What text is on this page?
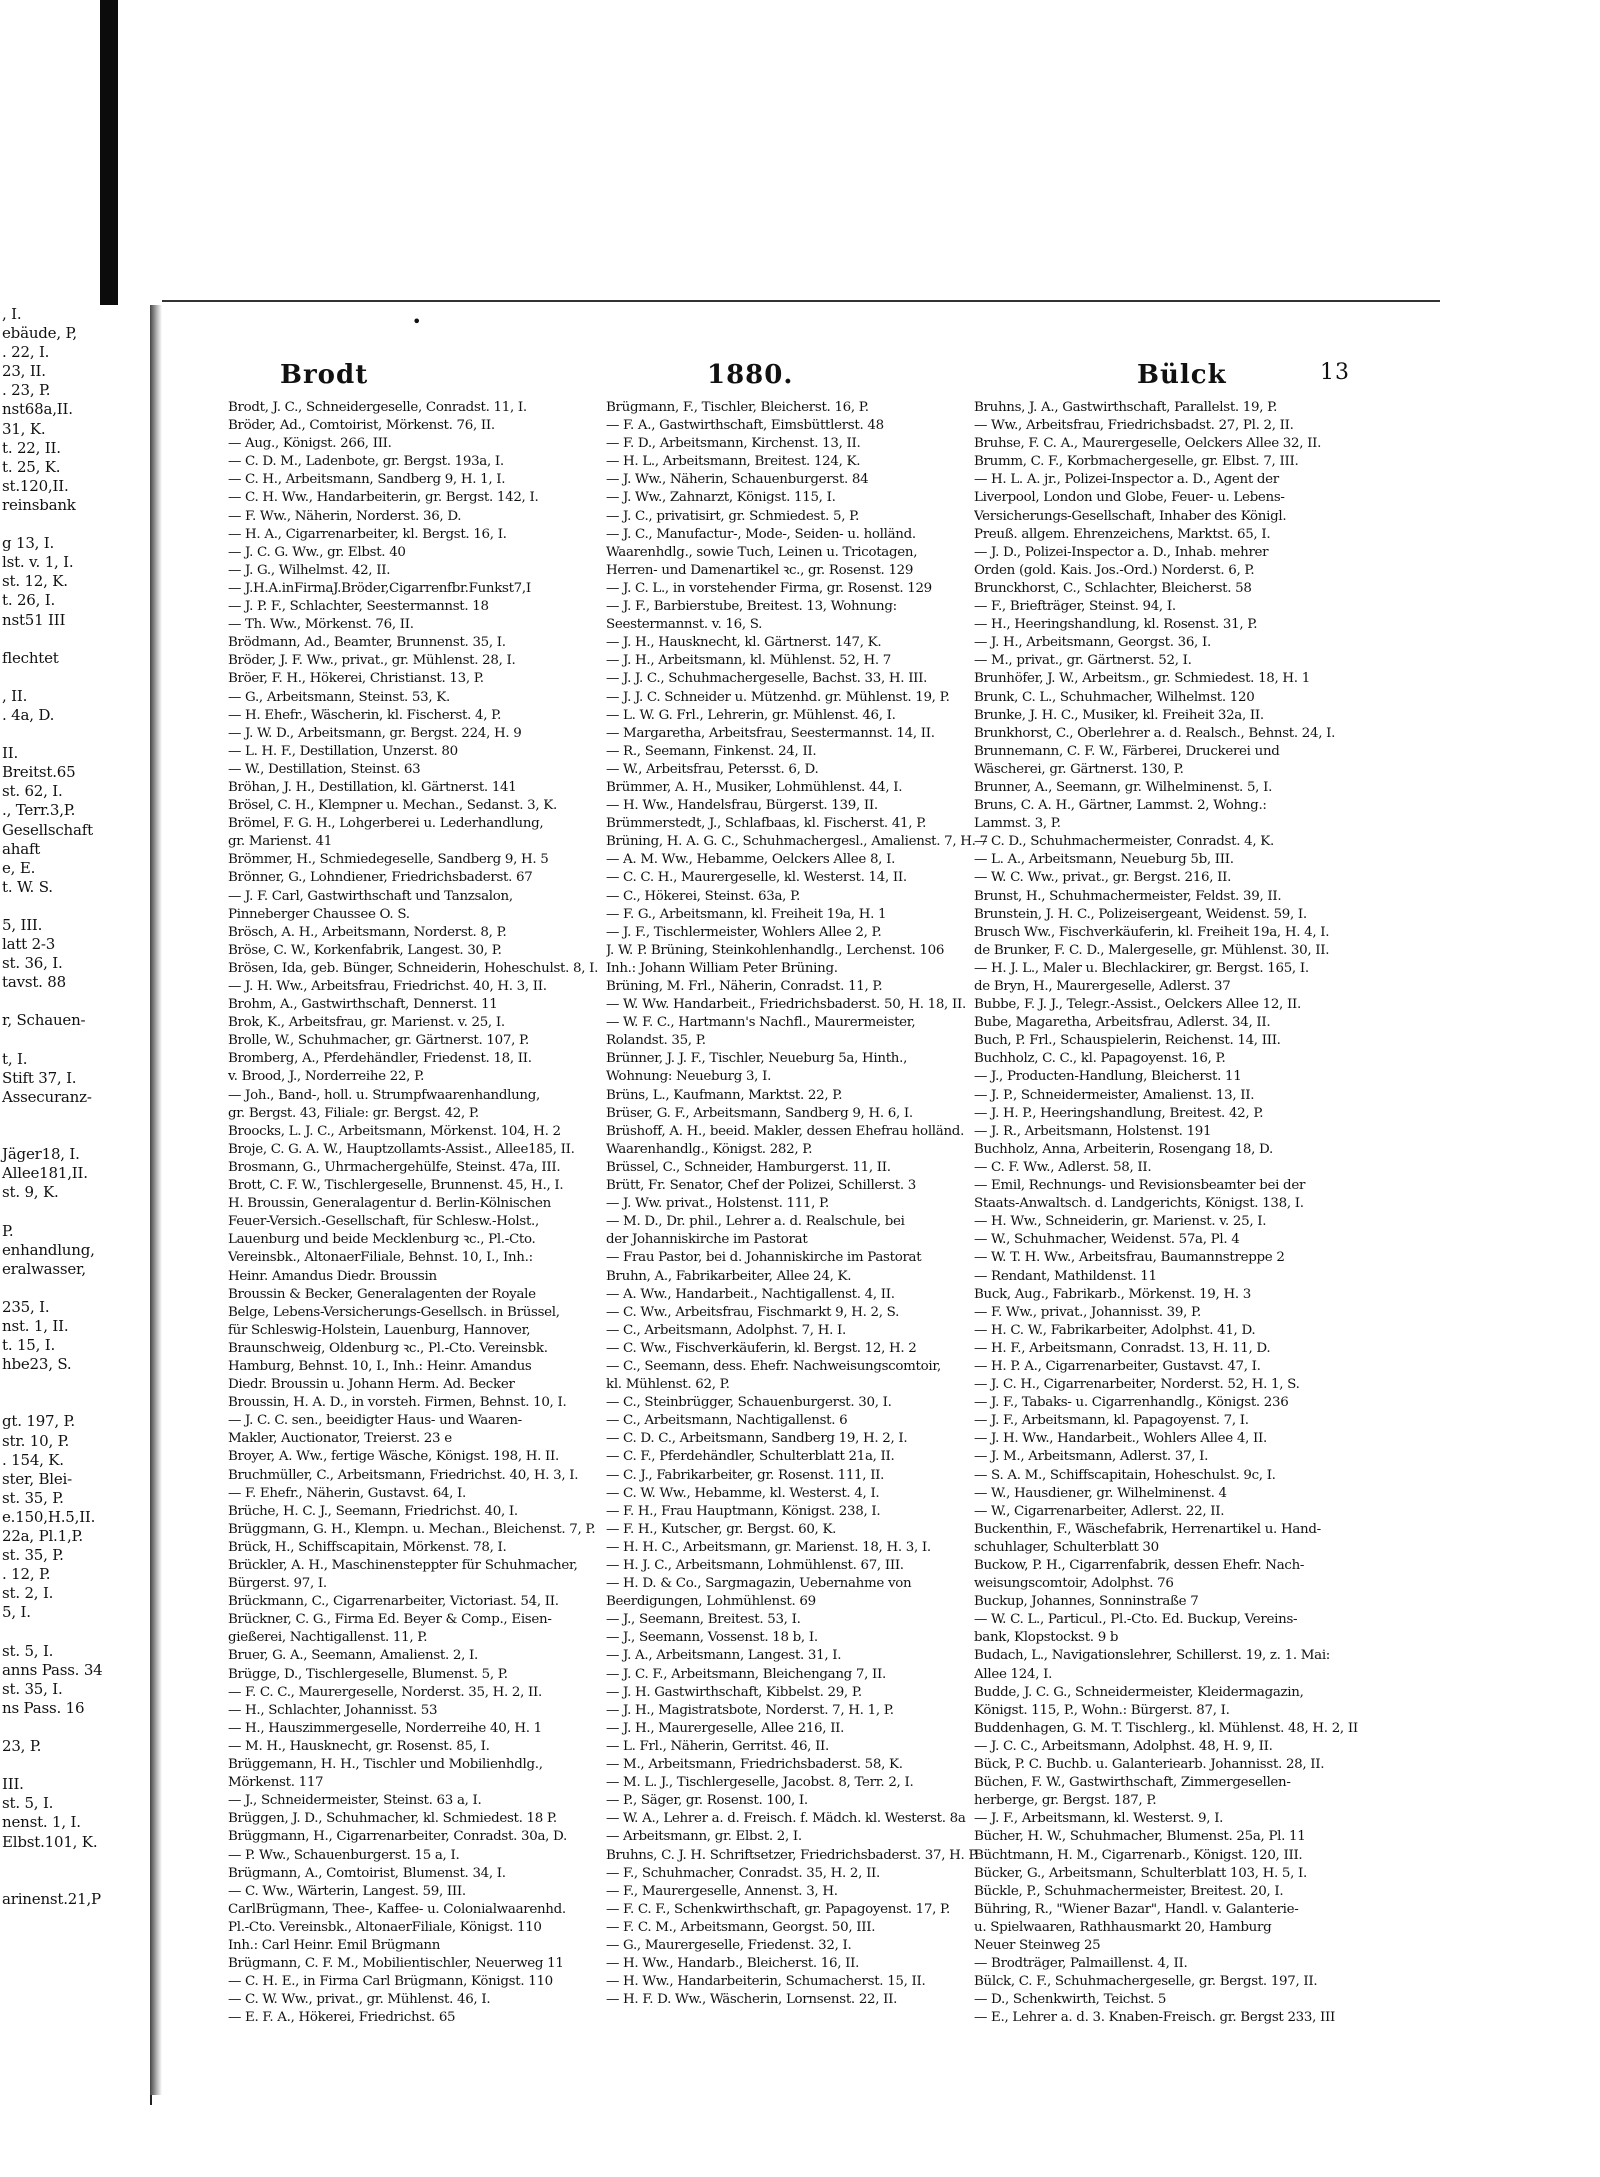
, I.
ebäude, P,
. 22, I.
23, II.
. 23, P.
nst68a,II.
31, K.
t. 22, II.
t. 25, K.
st.120,II.
reinsbank

g 13, I.
lst. v. 1, I.
st. 12, K.
t. 26, I.
nst51 III

flechtet

, II.
. 4a, D.

II.
Breitst.65
st. 62, I.
., Terr.3,P.
Gesellschaft
ahaft
e, E.
t. W. S.

5, III.
latt 2-3
st. 36, I.
tavst. 88

r, Schauen-

t, I.
Stift 37, I.
Assecuranz-

Jäger18, I.
Allee181,II.
st. 9, K.

P.
enhandlung,
eralwasser,

235, I.
nst. 1, II.
t. 15, I.
hbe23, S.

gt. 197, P.
str. 10, P.
. 154, K.
ster, Blei-
st. 35, P.
e.150,H.5,II.
22a, Pl.1,P.
st. 35, P.
. 12, P.
st. 2, I.
5, I.

st. 5, I.
anns Pass. 34
st. 35, I.
ns Pass. 16

23, P.

III.
st. 5, I.
nenst. 1, I.
Elbst.101, K.

arinenst.21,P
•
Brodt	1880.	Bülck	13
Brodt, J. C., Schneidergeselle, Conradst. 11, I.
Bröder, Ad., Comtoirist, Mörkenst. 76, II.
— Aug., Königst. 266, III.
— C. D. M., Ladenbote, gr. Bergst. 193a, I.
— C. H., Arbeitsmann, Sandberg 9, H. 1, I.
— C. H. Ww., Handarbeiterin, gr. Bergst. 142, I.
— F. Ww., Näherin, Norderst. 36, D.
— H. A., Cigarrenarbeiter, kl. Bergst. 16, I.
— J. C. G. Ww., gr. Elbst. 40
— J. G., Wilhelmst. 42, II.
— J.H.A.inFirmaJ.Bröder,Cigarrenfbr.Funkst7,I
— J. P. F., Schlachter, Seestermannst. 18
— Th. Ww., Mörkenst. 76, II.
Brödmann, Ad., Beamter, Brunnenst. 35, I.
Bröder, J. F. Ww., privat., gr. Mühlenst. 28, I.
Bröer, F. H., Hökerei, Christianst. 13, P.
— G., Arbeitsmann, Steinst. 53, K.
— H. Ehefr., Wäscherin, kl. Fischerst. 4, P.
— J. W. D., Arbeitsmann, gr. Bergst. 224, H. 9
— L. H. F., Destillation, Unzerst. 80
— W., Destillation, Steinst. 63
Bröhan, J. H., Destillation, kl. Gärtnerst. 141
Brösel, C. H., Klempner u. Mechan., Sedanst. 3, K.
Brömel, F. G. H., Lohgerberei u. Lederhandlung,
gr. Marienst. 41
Brömmer, H., Schmiedegeselle, Sandberg 9, H. 5
Brönner, G., Lohndiener, Friedrichsbaderst. 67
— J. F. Carl, Gastwirthschaft und Tanzsalon,
Pinneberger Chaussee O. S.
Brösch, A. H., Arbeitsmann, Norderst. 8, P.
Bröse, C. W., Korkenfabrik, Langest. 30, P.
Brösen, Ida, geb. Bünger, Schneiderin, Hoheschulst. 8, I.
— J. H. Ww., Arbeitsfrau, Friedrichst. 40, H. 3, II.
Brohm, A., Gastwirthschaft, Dennerst. 11
Brok, K., Arbeitsfrau, gr. Marienst. v. 25, I.
Brolle, W., Schuhmacher, gr. Gärtnerst. 107, P.
Bromberg, A., Pferdehändler, Friedenst. 18, II.
v. Brood, J., Norderreihe 22, P.
— Joh., Band-, holl. u. Strumpfwaarenhandlung,
gr. Bergst. 43, Filiale: gr. Bergst. 42, P.
Broocks, L. J. C., Arbeitsmann, Mörkenst. 104, H. 2
Broje, C. G. A. W., Hauptzollamts-Assist., Allee185, II.
Brosmann, G., Uhrmachergehülfe, Steinst. 47a, III.
Brott, C. F. W., Tischlergeselle, Brunnenst. 45, H., I.
H. Broussin, Generalagentur d. Berlin-Kölnischen
Feuer-Versich.-Gesellschaft, für Schlesw.-Holst.,
Lauenburg und beide Mecklenburg ꝛc., Pl.-Cto.
Vereinsbk., AltonaerFiliale, Behnst. 10, I., Inh.:
Heinr. Amandus Diedr. Broussin
Broussin & Becker, Generalagenten der Royale
Belge, Lebens-Versicherungs-Gesellsch. in Brüssel,
für Schleswig-Holstein, Lauenburg, Hannover,
Braunschweig, Oldenburg ꝛc., Pl.-Cto. Vereinsbk.
Hamburg, Behnst. 10, I., Inh.: Heinr. Amandus
Diedr. Broussin u. Johann Herm. Ad. Becker
Broussin, H. A. D., in vorsteh. Firmen, Behnst. 10, I.
— J. C. C. sen., beeidigter Haus- und Waaren-
Makler, Auctionator, Treierst. 23 e
Broyer, A. Ww., fertige Wäsche, Königst. 198, H. II.
Bruchmüller, C., Arbeitsmann, Friedrichst. 40, H. 3, I.
— F. Ehefr., Näherin, Gustavst. 64, I.
Brüche, H. C. J., Seemann, Friedrichst. 40, I.
Brüggmann, G. H., Klempn. u. Mechan., Bleichenst. 7, P.
Brück, H., Schiffscapitain, Mörkenst. 78, I.
Brückler, A. H., Maschinensteppter für Schuhmacher,
Bürgerst. 97, I.
Brückmann, C., Cigarrenarbeiter, Victoriast. 54, II.
Brückner, C. G., Firma Ed. Beyer & Comp., Eisen-
gießerei, Nachtigallenst. 11, P.
Bruer, G. A., Seemann, Amalienst. 2, I.
Brügge, D., Tischlergeselle, Blumenst. 5, P.
— F. C. C., Maurergeselle, Norderst. 35, H. 2, II.
— H., Schlachter, Johannisst. 53
— H., Hauszimmergeselle, Norderreihe 40, H. 1
— M. H., Hausknecht, gr. Rosenst. 85, I.
Brüggemann, H. H., Tischler und Mobilienhdlg.,
Mörkenst. 117
— J., Schneidermeister, Steinst. 63 a, I.
Brüggen, J. D., Schuhmacher, kl. Schmiedest. 18 P.
Brüggmann, H., Cigarrenarbeiter, Conradst. 30a, D.
— P. Ww., Schauenburgerst. 15 a, I.
Brügmann, A., Comtoirist, Blumenst. 34, I.
— C. Ww., Wärterin, Langest. 59, III.
CarlBrügmann, Thee-, Kaffee- u. Colonialwaarenhd.
Pl.-Cto. Vereinsbk., AltonaerFiliale, Königst. 110
Inh.: Carl Heinr. Emil Brügmann
Brügmann, C. F. M., Mobilientischler, Neuerweg 11
— C. H. E., in Firma Carl Brügmann, Königst. 110
— C. W. Ww., privat., gr. Mühlenst. 46, I.
— E. F. A., Hökerei, Friedrichst. 65
Brügmann, F., Tischler, Bleicherst. 16, P.
— F. A., Gastwirthschaft, Eimsbüttlerst. 48
— F. D., Arbeitsmann, Kirchenst. 13, II.
— H. L., Arbeitsmann, Breitest. 124, K.
— J. Ww., Näherin, Schauenburgerst. 84
— J. Ww., Zahnarzt, Königst. 115, I.
— J. C., privatisirt, gr. Schmiedest. 5, P.
— J. C., Manufactur-, Mode-, Seiden- u. holländ.
Waarenhdlg., sowie Tuch, Leinen u. Tricotagen,
Herren- und Damenartikel ꝛc., gr. Rosenst. 129
— J. C. L., in vorstehender Firma, gr. Rosenst. 129
— J. F., Barbierstube, Breitest. 13, Wohnung:
Seestermannst. v. 16, S.
— J. H., Hausknecht, kl. Gärtnerst. 147, K.
— J. H., Arbeitsmann, kl. Mühlenst. 52, H. 7
— J. J. C., Schuhmachergeselle, Bachst. 33, H. III.
— J. J. C. Schneider u. Mützenhd. gr. Mühlenst. 19, P.
— L. W. G. Frl., Lehrerin, gr. Mühlenst. 46, I.
— Margaretha, Arbeitsfrau, Seestermannst. 14, II.
— R., Seemann, Finkenst. 24, II.
— W., Arbeitsfrau, Petersst. 6, D.
Brümmer, A. H., Musiker, Lohmühlenst. 44, I.
— H. Ww., Handelsfrau, Bürgerst. 139, II.
Brümmerstedt, J., Schlafbaas, kl. Fischerst. 41, P.
Brüning, H. A. G. C., Schuhmachergesl., Amalienst. 7, H. 7
— A. M. Ww., Hebamme, Oelckers Allee 8, I.
— C. C. H., Maurergeselle, kl. Westerst. 14, II.
— C., Hökerei, Steinst. 63a, P.
— F. G., Arbeitsmann, kl. Freiheit 19a, H. 1
— J. F., Tischlermeister, Wohlers Allee 2, P.
J. W. P. Brüning, Steinkohlenhandlg., Lerchenst. 106
Inh.: Johann William Peter Brüning.
Brüning, M. Frl., Näherin, Conradst. 11, P.
— W. Ww. Handarbeit., Friedrichsbaderst. 50, H. 18, II.
— W. F. C., Hartmann's Nachfl., Maurermeister,
Rolandst. 35, P.
Brünner, J. J. F., Tischler, Neueburg 5a, Hinth.,
Wohnung: Neueburg 3, I.
Brüns, L., Kaufmann, Marktst. 22, P.
Brüser, G. F., Arbeitsmann, Sandberg 9, H. 6, I.
Brüshoff, A. H., beeid. Makler, dessen Ehefrau holländ.
Waarenhandlg., Königst. 282, P.
Brüssel, C., Schneider, Hamburgerst. 11, II.
Brütt, Fr. Senator, Chef der Polizei, Schillerst. 3
— J. Ww. privat., Holstenst. 111, P.
— M. D., Dr. phil., Lehrer a. d. Realschule, bei
der Johanniskirche im Pastorat
— Frau Pastor, bei d. Johanniskirche im Pastorat
Bruhn, A., Fabrikarbeiter, Allee 24, K.
— A. Ww., Handarbeit., Nachtigallenst. 4, II.
— C. Ww., Arbeitsfrau, Fischmarkt 9, H. 2, S.
— C., Arbeitsmann, Adolphst. 7, H. I.
— C. Ww., Fischverkäuferin, kl. Bergst. 12, H. 2
— C., Seemann, dess. Ehefr. Nachweisungscomtoir,
kl. Mühlenst. 62, P.
— C., Steinbrügger, Schauenburgerst. 30, I.
— C., Arbeitsmann, Nachtigallenst. 6
— C. D. C., Arbeitsmann, Sandberg 19, H. 2, I.
— C. F., Pferdehändler, Schulterblatt 21a, II.
— C. J., Fabrikarbeiter, gr. Rosenst. 111, II.
— C. W. Ww., Hebamme, kl. Westerst. 4, I.
— F. H., Frau Hauptmann, Königst. 238, I.
— F. H., Kutscher, gr. Bergst. 60, K.
— H. H. C., Arbeitsmann, gr. Marienst. 18, H. 3, I.
— H. J. C., Arbeitsmann, Lohmühlenst. 67, III.
— H. D. & Co., Sargmagazin, Uebernahme von
Beerdigungen, Lohmühlenst. 69
— J., Seemann, Breitest. 53, I.
— J., Seemann, Vossenst. 18 b, I.
— J. A., Arbeitsmann, Langest. 31, I.
— J. C. F., Arbeitsmann, Bleichengang 7, II.
— J. H. Gastwirthschaft, Kibbelst. 29, P.
— J. H., Magistratsbote, Norderst. 7, H. 1, P.
— J. H., Maurergeselle, Allee 216, II.
— L. Frl., Näherin, Gerritst. 46, II.
— M., Arbeitsmann, Friedrichsbaderst. 58, K.
— M. L. J., Tischlergeselle, Jacobst. 8, Terr. 2, I.
— P., Säger, gr. Rosenst. 100, I.
— W. A., Lehrer a. d. Freisch. f. Mädch. kl. Westerst. 8a
— Arbeitsmann, gr. Elbst. 2, I.
Bruhns, C. J. H. Schriftsetzer, Friedrichsbaderst. 37, H. P.
— F., Schuhmacher, Conradst. 35, H. 2, II.
— F., Maurergeselle, Annenst. 3, H.
— F. C. F., Schenkwirthschaft, gr. Papagoyenst. 17, P.
— F. C. M., Arbeitsmann, Georgst. 50, III.
— G., Maurergeselle, Friedenst. 32, I.
— H. Ww., Handarb., Bleicherst. 16, II.
— H. Ww., Handarbeiterin, Schumacherst. 15, II.
— H. F. D. Ww., Wäscherin, Lornsenst. 22, II.
Bruhns, J. A., Gastwirthschaft, Parallelst. 19, P.
— Ww., Arbeitsfrau, Friedrichsbadst. 27, Pl. 2, II.
Bruhse, F. C. A., Maurergeselle, Oelckers Allee 32, II.
Brumm, C. F., Korbmachergeselle, gr. Elbst. 7, III.
— H. L. A. jr., Polizei-Inspector a. D., Agent der
Liverpool, London und Globe, Feuer- u. Lebens-
Versicherungs-Gesellschaft, Inhaber des Königl.
Preuß. allgem. Ehrenzeichens, Marktst. 65, I.
— J. D., Polizei-Inspector a. D., Inhab. mehrer
Orden (gold. Kais. Jos.-Ord.) Norderst. 6, P.
Brunckhorst, C., Schlachter, Bleicherst. 58
— F., Briefträger, Steinst. 94, I.
— H., Heeringshandlung, kl. Rosenst. 31, P.
— J. H., Arbeitsmann, Georgst. 36, I.
— M., privat., gr. Gärtnerst. 52, I.
Brunhöfer, J. W., Arbeitsm., gr. Schmiedest. 18, H. 1
Brunk, C. L., Schuhmacher, Wilhelmst. 120
Brunke, J. H. C., Musiker, kl. Freiheit 32a, II.
Brunkhorst, C., Oberlehrer a. d. Realsch., Behnst. 24, I.
Brunnemann, C. F. W., Färberei, Druckerei und
Wäscherei, gr. Gärtnerst. 130, P.
Brunner, A., Seemann, gr. Wilhelminenst. 5, I.
Bruns, C. A. H., Gärtner, Lammst. 2, Wohng.:
Lammst. 3, P.
— C. D., Schuhmachermeister, Conradst. 4, K.
— L. A., Arbeitsmann, Neueburg 5b, III.
— W. C. Ww., privat., gr. Bergst. 216, II.
Brunst, H., Schuhmachermeister, Feldst. 39, II.
Brunstein, J. H. C., Polizeisergeant, Weidenst. 59, I.
Brusch Ww., Fischverkäuferin, kl. Freiheit 19a, H. 4, I.
de Brunker, F. C. D., Malergeselle, gr. Mühlenst. 30, II.
— H. J. L., Maler u. Blechlackirer, gr. Bergst. 165, I.
de Bryn, H., Maurergeselle, Adlerst. 37
Bubbe, F. J. J., Telegr.-Assist., Oelckers Allee 12, II.
Bube, Magaretha, Arbeitsfrau, Adlerst. 34, II.
Buch, P. Frl., Schauspielerin, Reichenst. 14, III.
Buchholz, C. C., kl. Papagoyenst. 16, P.
— J., Producten-Handlung, Bleicherst. 11
— J. P., Schneidermeister, Amalienst. 13, II.
— J. H. P., Heeringshandlung, Breitest. 42, P.
— J. R., Arbeitsmann, Holstenst. 191
Buchholz, Anna, Arbeiterin, Rosengang 18, D.
— C. F. Ww., Adlerst. 58, II.
— Emil, Rechnungs- und Revisionsbeamter bei der
Staats-Anwaltsch. d. Landgerichts, Königst. 138, I.
— H. Ww., Schneiderin, gr. Marienst. v. 25, I.
— W., Schuhmacher, Weidenst. 57a, Pl. 4
— W. T. H. Ww., Arbeitsfrau, Baumannstreppe 2
— Rendant, Mathildenst. 11
Buck, Aug., Fabrikarb., Mörkenst. 19, H. 3
— F. Ww., privat., Johannisst. 39, P.
— H. C. W., Fabrikarbeiter, Adolphst. 41, D.
— H. F., Arbeitsmann, Conradst. 13, H. 11, D.
— H. P. A., Cigarrenarbeiter, Gustavst. 47, I.
— J. C. H., Cigarrenarbeiter, Norderst. 52, H. 1, S.
— J. F., Tabaks- u. Cigarrenhandlg., Königst. 236
— J. F., Arbeitsmann, kl. Papagoyenst. 7, I.
— J. H. Ww., Handarbeit., Wohlers Allee 4, II.
— J. M., Arbeitsmann, Adlerst. 37, I.
— S. A. M., Schiffscapitain, Hoheschulst. 9c, I.
— W., Hausdiener, gr. Wilhelminenst. 4
— W., Cigarrenarbeiter, Adlerst. 22, II.
Buckenthin, F., Wäschefabrik, Herrenartikel u. Hand-
schuhlager, Schulterblatt 30
Buckow, P. H., Cigarrenfabrik, dessen Ehefr. Nach-
weisungscomtoir, Adolphst. 76
Buckup, Johannes, Sonninstraße 7
— W. C. L., Particul., Pl.-Cto. Ed. Buckup, Vereins-
bank, Klopstockst. 9 b
Budach, L., Navigationslehrer, Schillerst. 19, z. 1. Mai:
Allee 124, I.
Budde, J. C. G., Schneidermeister, Kleidermagazin,
Königst. 115, P., Wohn.: Bürgerst. 87, I.
Buddenhagen, G. M. T. Tischlerg., kl. Mühlenst. 48, H. 2, II
— J. C. C., Arbeitsmann, Adolphst. 48, H. 9, II.
Bück, P. C. Buchb. u. Galanteriearb. Johannisst. 28, II.
Büchen, F. W., Gastwirthschaft, Zimmergesellen-
herberge, gr. Bergst. 187, P.
— J. F., Arbeitsmann, kl. Westerst. 9, I.
Bücher, H. W., Schuhmacher, Blumenst. 25a, Pl. 11
Büchtmann, H. M., Cigarrenarb., Königst. 120, III.
Bücker, G., Arbeitsmann, Schulterblatt 103, H. 5, I.
Bückle, P., Schuhmachermeister, Breitest. 20, I.
Bühring, R., "Wiener Bazar", Handl. v. Galanterie-
u. Spielwaaren, Rathhausmarkt 20, Hamburg
Neuer Steinweg 25
— Brodträger, Palmaillenst. 4, II.
Bülck, C. F., Schuhmachergeselle, gr. Bergst. 197, II.
— D., Schenkwirth, Teichst. 5
— E., Lehrer a. d. 3. Knaben-Freisch. gr. Bergst 233, III
